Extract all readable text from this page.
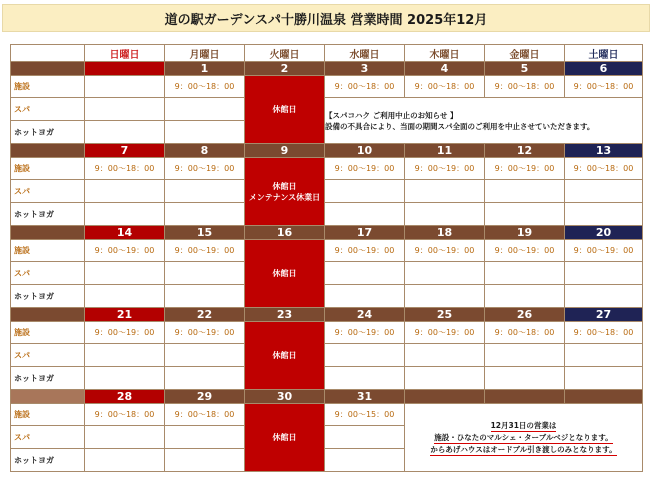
道の駅ガーデンスパ十勝川温泉 営業時間 2025年12月
	日曜日	月曜日	火曜日	水曜日	木曜日	金曜日	土曜日
		1	2	3	4	5	6
施設		9：00～18：00	休館日	9：00～18：00	9：00～18：00	9：00～18：00	9：00～18：00
スパ				【スパコハク ご利用中止のお知らせ 】
設備の不具合により、当面の期間スパ全面のご利用を中止させていただきます。			

ホットヨガ							
	7	8	9	10	11	12	13
施設	9：00～18：00	9：00～19：00	休館日
メンテナンス休業日	9：00～19：00	9：00～19：00	9：00～19：00	9：00～18：00
スパ							
ホットヨガ							
	14	15	16	17	18	19	20
施設	9：00～19：00	9：00～19：00	休館日	9：00～19：00	9：00～19：00	9：00～19：00	9：00～19：00
スパ							
ホットヨガ							
	21	22	23	24	25	26	27
施設	9：00～19：00	9：00～19：00	休館日	9：00～19：00	9：00～19：00	9：00～18：00	9：00～18：00
スパ							
ホットヨガ							
	28	29	30	31			
施設	9：00～18：00	9：00～18：00	休館日	9：00～15：00	12月31日の営業は
施設・ひなたのマルシェ・ターブルベジとなります。
からあげハウスはオードブル引き渡しのみとなります。		

スパ							
ホットヨガ							
